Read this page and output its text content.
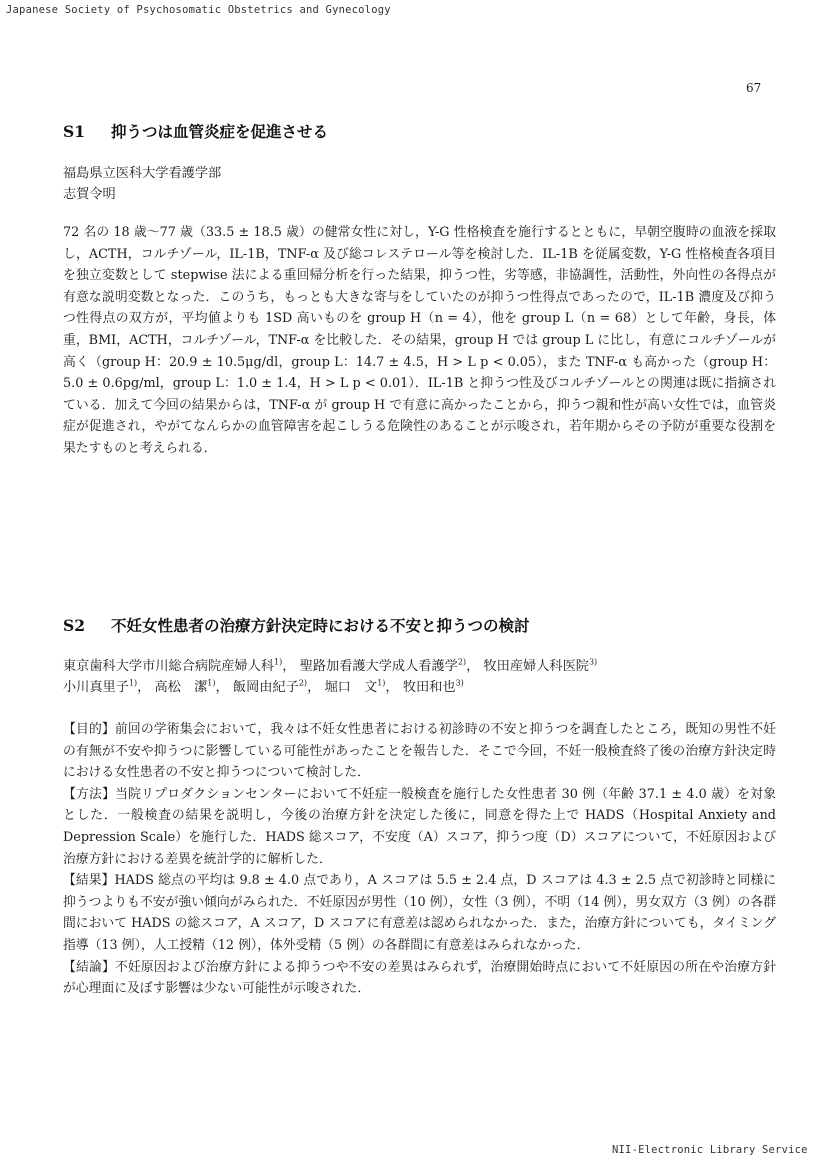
Japanese Society of Psychosomatic Obstetrics and Gynecology
67
S1 抑うつは血管炎症を促進させる
福島県立医科大学看護学部
志賀令明

72 名の 18 歳～77 歳（33.5 ± 18.5 歳）の健常女性に対し，Y-G 性格検査を施行するとともに，早朝空腹時の血液を採取し，ACTH，コルチゾール，IL-1B，TNF-α 及び総コレステロール等を検討した．IL-1B を従属変数，Y-G 性格検査各項目を独立変数として stepwise 法による重回帰分析を行った結果，抑うつ性，劣等感，非協調性，活動性，外向性の各得点が有意な説明変数となった．このうち，もっとも大きな寄与をしていたのが抑うつ性得点であったので，IL-1B 濃度及び抑うつ性得点の双方が，平均値よりも 1SD 高いものを group H（n = 4），他を group L（n = 68）として年齢，身長，体重，BMI，ACTH，コルチゾール，TNF-α を比較した．その結果，group H では group L に比し，有意にコルチゾールが高く（group H：20.9 ± 10.5μg/dl，group L：14.7 ± 4.5，H > L p < 0.05），また TNF-α も高かった（group H：5.0 ± 0.6pg/ml，group L：1.0 ± 1.4，H > L p < 0.01）．IL-1B と抑うつ性及びコルチゾールとの関連は既に指摘されている．加えて今回の結果からは，TNF-α が group H で有意に高かったことから，抑うつ親和性が高い女性では，血管炎症が促進され，やがてなんらかの血管障害を起こしうる危険性のあることが示唆され，若年期からその予防が重要な役割を果たすものと考えられる．

S2 不妊女性患者の治療方針決定時における不安と抑うつの検討
東京歯科大学市川総合病院産婦人科$^{1)}$， 聖路加看護大学成人看護学$^{2)}$， 牧田産婦人科医院$^{3)}$
小川真里子$^{1)}$， 高松　潔$^{1)}$， 飯岡由紀子$^{2)}$， 堀口　文$^{1)}$， 牧田和也$^{3)}$

【目的】前回の学術集会において，我々は不妊女性患者における初診時の不安と抑うつを調査したところ，既知の男性不妊の有無が不安や抑うつに影響している可能性があったことを報告した．そこで今回，不妊一般検査終了後の治療方針決定時における女性患者の不安と抑うつについて検討した．

【方法】当院リプロダクションセンターにおいて不妊症一般検査を施行した女性患者 30 例（年齢 37.1 ± 4.0 歳）を対象とした．一般検査の結果を説明し，今後の治療方針を決定した後に，同意を得た上で HADS（Hospital Anxiety and Depression Scale）を施行した．HADS 総スコア，不安度（A）スコア，抑うつ度（D）スコアについて，不妊原因および治療方針における差異を統計学的に解析した．

【結果】HADS 総点の平均は 9.8 ± 4.0 点であり，A スコアは 5.5 ± 2.4 点，D スコアは 4.3 ± 2.5 点で初診時と同様に抑うつよりも不安が強い傾向がみられた．不妊原因が男性（10 例），女性（3 例），不明（14 例），男女双方（3 例）の各群間において HADS の総スコア，A スコア，D スコアに有意差は認められなかった．また，治療方針についても，タイミング指導（13 例），人工授精（12 例），体外受精（5 例）の各群間に有意差はみられなかった．

【結論】不妊原因および治療方針による抑うつや不安の差異はみられず，治療開始時点において不妊原因の所在や治療方針が心理面に及ぼす影響は少ない可能性が示唆された．

NII-Electronic Library Service
